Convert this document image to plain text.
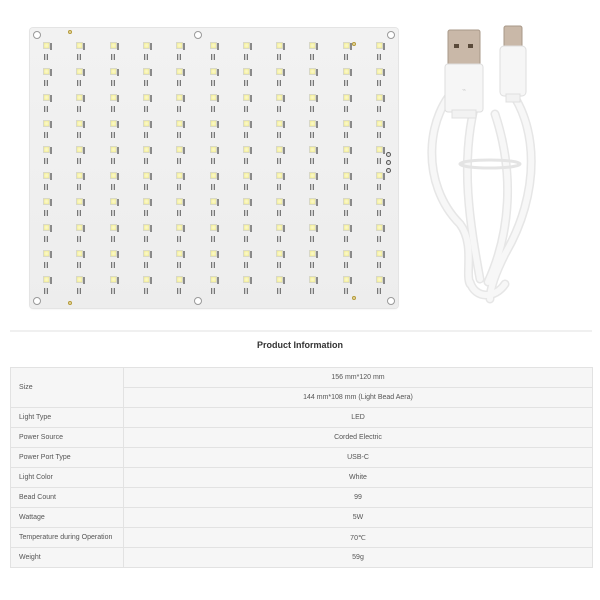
⌁
Product Information
Size	156 mm*120 mm
	144 mm*108 mm (Light Bead Aera)
Light Type	LED
Power Source	Corded Electric
Power Port Type	USB-C
Light Color	White
Bead Count	99
Wattage	5W
Temperature during Operation	70℃
Weight	59g
